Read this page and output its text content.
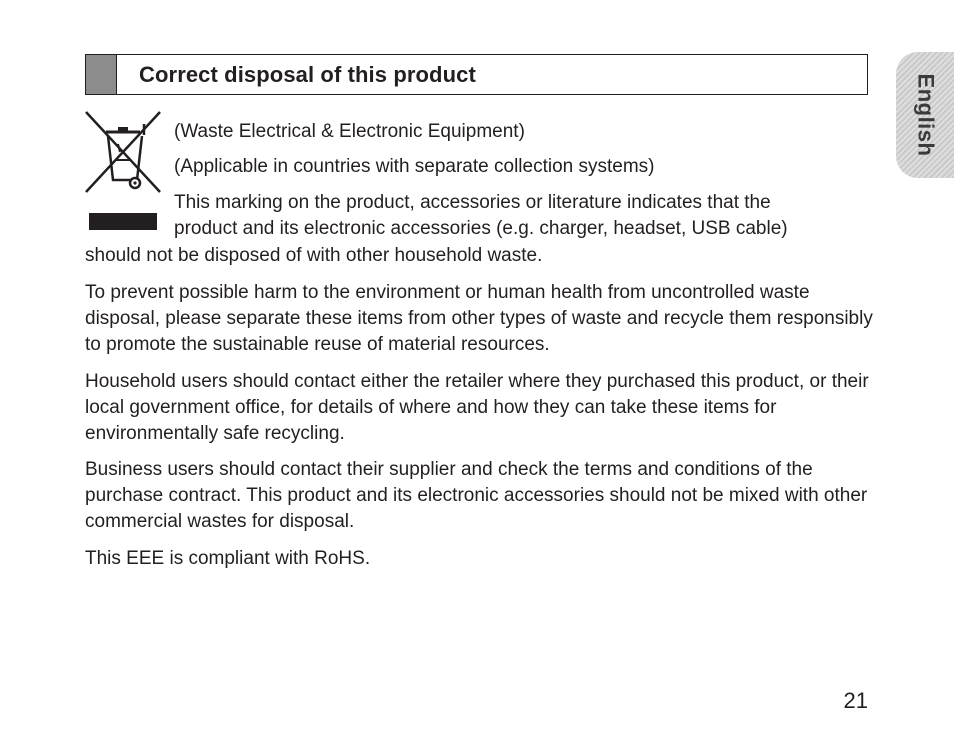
Correct disposal of this product

(Waste Electrical & Electronic Equipment)

(Applicable in countries with separate collection systems)

This marking on the product, accessories or literature indicates that the
product and its electronic accessories (e.g. charger, headset, USB cable)

should not be disposed of with other household waste.

To prevent possible harm to the environment or human health from uncontrolled waste disposal, please separate these items from other types of waste and recycle them responsibly to promote the sustainable reuse of material resources.

Household users should contact either the retailer where they purchased this product, or their local government office, for details of where and how they can take these items for environmentally safe recycling.

Business users should contact their supplier and check the terms and conditions of the purchase contract. This product and its electronic accessories should not be mixed with other commercial wastes for disposal.

This EEE is compliant with RoHS.

English
21
